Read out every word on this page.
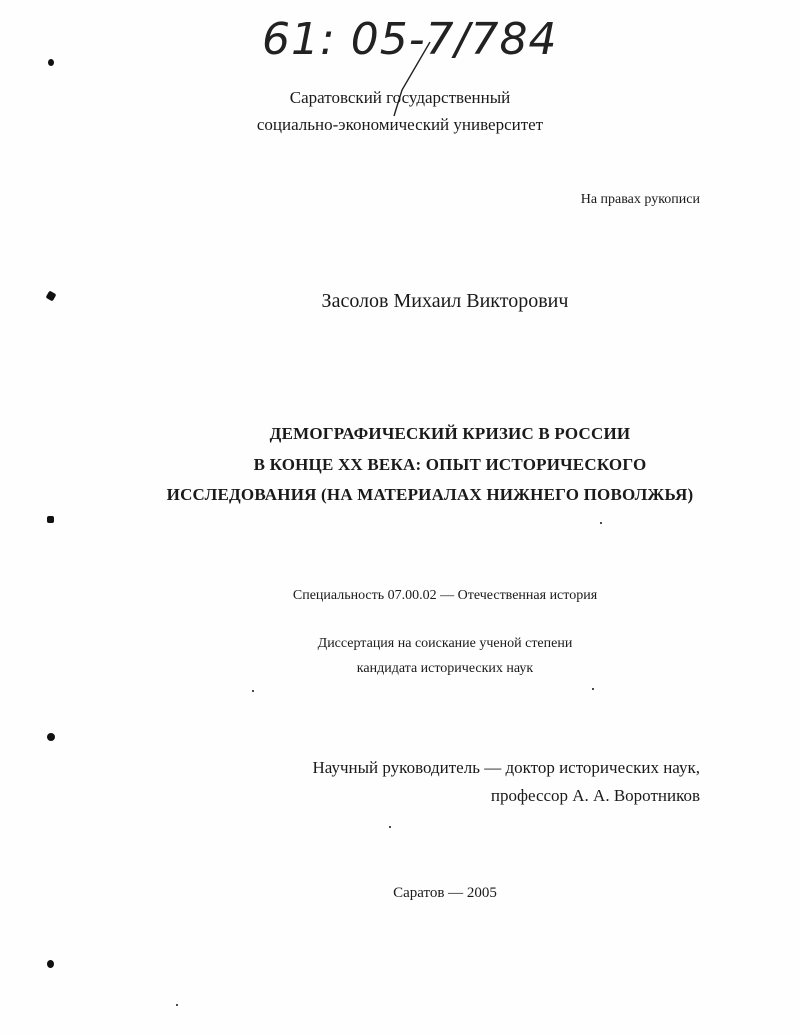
61: 05-7/784
Саратовский государственный
социально-экономический университет
На правах рукописи
Засолов Михаил Викторович
ДЕМОГРАФИЧЕСКИЙ КРИЗИС В РОССИИ
В КОНЦЕ XX ВЕКА: ОПЫТ ИСТОРИЧЕСКОГО
ИССЛЕДОВАНИЯ (НА МАТЕРИАЛАХ НИЖНЕГО ПОВОЛЖЬЯ)
Специальность 07.00.02 — Отечественная история
Диссертация на соискание ученой степени
кандидата исторических наук
Научный руководитель — доктор исторических наук,
профессор А. А. Воротников
Саратов — 2005
